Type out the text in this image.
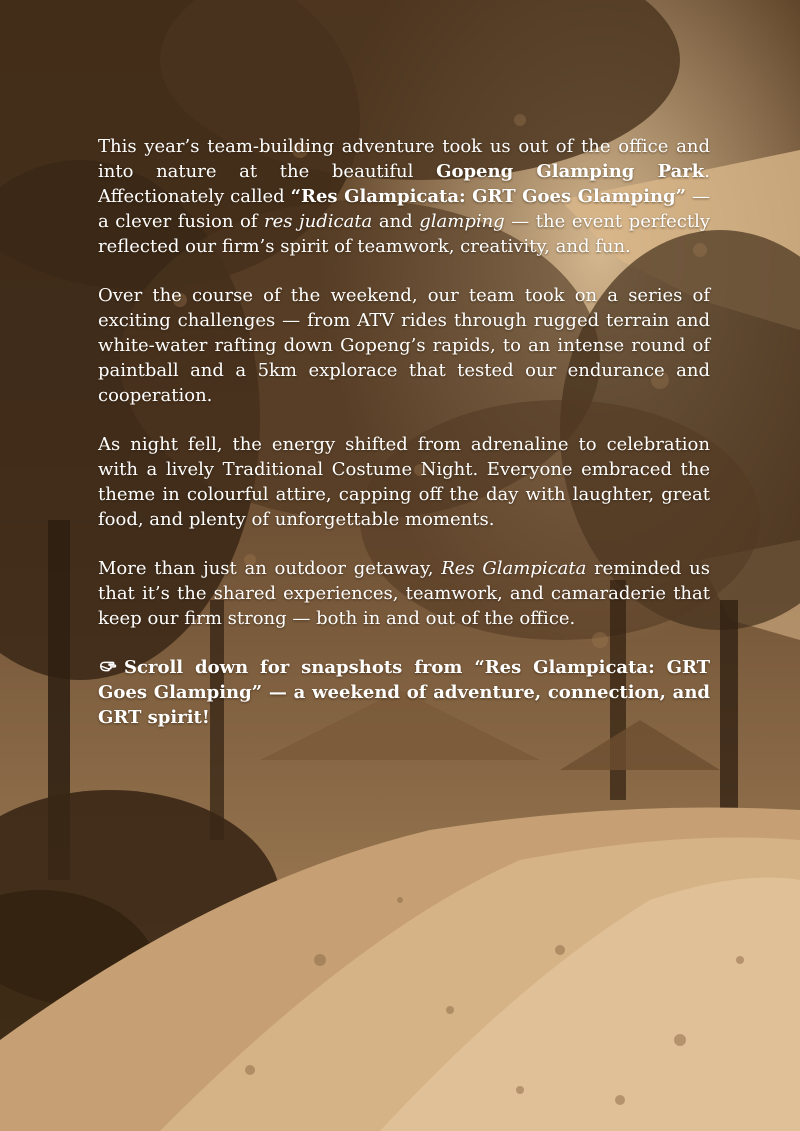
This year’s team-building adventure took us out of the office and into nature at the beautiful Gopeng Glamping Park. Affectionately called “Res Glampicata: GRT Goes Glamping” — a clever fusion of res judicata and glamping — the event perfectly reflected our firm’s spirit of teamwork, creativity, and fun.

Over the course of the weekend, our team took on a series of exciting challenges — from ATV rides through rugged terrain and white-water rafting down Gopeng’s rapids, to an intense round of paintball and a 5km explorace that tested our endurance and cooperation.

As night fell, the energy shifted from adrenaline to celebration with a lively Traditional Costume Night. Everyone embraced the theme in colourful attire, capping off the day with laughter, great food, and plenty of unforgettable moments.

More than just an outdoor getaway, Res Glampicata reminded us that it’s the shared experiences, teamwork, and camaraderie that keep our firm strong — both in and out of the office.

Scroll down for snapshots from “Res Glampicata: GRT Goes Glamping” — a weekend of adventure, connection, and GRT spirit!
